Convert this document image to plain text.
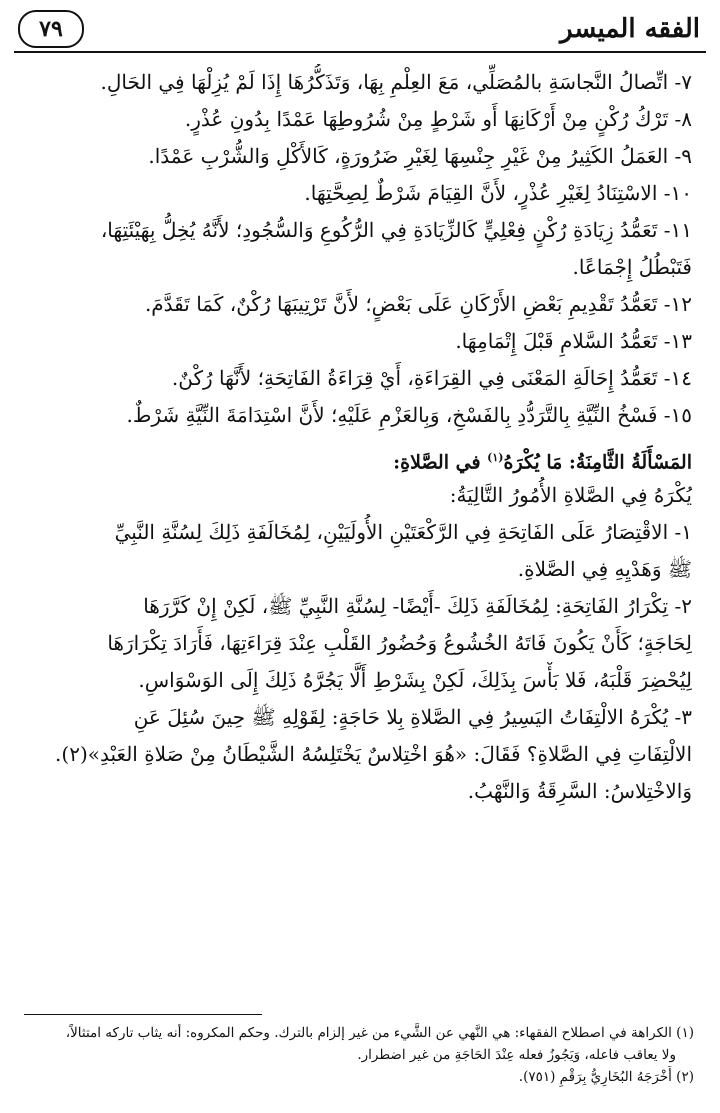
الفقه الميسر
٧٩
٧- اتِّصالُ النَّجاسَةِ بالمُصَلِّي، مَعَ العِلْمِ بِهَا، وَتَذَكُّرُهَا إِذَا لَمْ يُزِلْهَا فِي الحَالِ.
٨- تَرْكُ رُكْنٍ مِنْ أَرْكَانِهَا أَو شَرْطٍ مِنْ شُرُوطِهَا عَمْدًا بِدُونِ عُذْرٍ.
٩- العَمَلُ الكَثِيرُ مِنْ غَيْرِ جِنْسِهَا لِغَيْرِ ضَرُورَةٍ، كَالأَكْلِ وَالشُّرْبِ عَمْدًا.
١٠- الاسْتِنَادُ لِغَيْرِ عُذْرٍ، لأَنَّ القِيَامَ شَرْطٌ لِصِحَّتِهَا.
١١- تَعَمُّدُ زِيَادَةِ رُكْنٍ فِعْلِيٍّ كَالزِّيَادَةِ فِي الرُّكُوعِ وَالسُّجُودِ؛ لأَنَّهُ يُخِلُّ بِهَيْئَتِهَا،
فَتَبْطُلُ إِجْمَاعًا.
١٢- تَعَمُّدُ تَقْدِيمِ بَعْضِ الأَرْكَانِ عَلَى بَعْضٍ؛ لأَنَّ تَرْتِيبَهَا رُكْنٌ، كَمَا تَقَدَّمَ.
١٣- تَعَمُّدُ السَّلامِ قَبْلَ إِتْمَامِهَا.
١٤- تَعَمُّدُ إِحَالَةِ المَعْنَى فِي القِرَاءَةِ، أَيْ قِرَاءَةُ الفَاتِحَةِ؛ لأَنَّهَا رُكْنٌ.
١٥- فَسْخُ النِّيَّةِ بِالتَّرَدُّدِ بِالفَسْخِ، وَبِالعَزْمِ عَلَيْهِ؛ لأَنَّ اسْتِدَامَةَ النِّيَّةِ شَرْطٌ.
المَسْأَلَةُ الثَّامِنَةُ: مَا يُكْرَهُ$^{(١)}$ في الصَّلاةِ:
يُكْرَهُ فِي الصَّلاةِ الأُمُورُ التَّالِيَةُ:
١- الاقْتِصَارُ عَلَى الفَاتِحَةِ فِي الرَّكْعَتَيْنِ الأُولَيَيْنِ، لِمُخَالَفَةِ ذَلِكَ لِسُنَّةِ النَّبِيِّ
ﷺ وَهَدْيِهِ فِي الصَّلاةِ.
٢- تِكْرَارُ الفَاتِحَةِ: لِمُخَالَفَةِ ذَلِكَ -أَيْضًا- لِسُنَّةِ النَّبِيِّ ﷺ، لَكِنْ إِنْ كَرَّرَهَا
لِحَاجَةٍ؛ كَأَنْ يَكُونَ فَاتَهُ الخُشُوعُ وَحُضُورُ القَلْبِ عِنْدَ قِرَاءَتِهَا، فَأَرَادَ تِكْرَارَهَا
لِيُحْضِرَ قَلْبَهُ، فَلا بَأْسَ بِذَلِكَ، لَكِنْ بِشَرْطِ أَلَّا يَجُرَّهُ ذَلِكَ إِلَى الوَسْوَاسِ.
٣- يُكْرَهُ الالْتِفَاتُ اليَسِيرُ فِي الصَّلاةِ بِلا حَاجَةٍ: لِقَوْلِهِ ﷺ حِينَ سُئِلَ عَنِ
الالْتِفَاتِ فِي الصَّلاةِ؟ فَقَالَ: «هُوَ اخْتِلاسٌ يَخْتَلِسُهُ الشَّيْطَانُ مِنْ صَلاةِ العَبْدِ»(٢).
وَالاخْتِلاسُ: السَّرِقَةُ وَالنَّهْبُ.
(١) الكراهة في اصطلاح الفقهاء: هي النَّهي عن الشَّيء من غير إلزام بالترك. وحكم المكروه: أنه يثاب تاركه امتثالاً،
ولا يعاقب فاعله، وَيَجُوزُ فعله عِنْدَ الحَاجَةِ من غير اضطرار.
(٢) أَخْرَجَهُ البُخَارِيُّ بِرَقْمِ (٧٥١).
